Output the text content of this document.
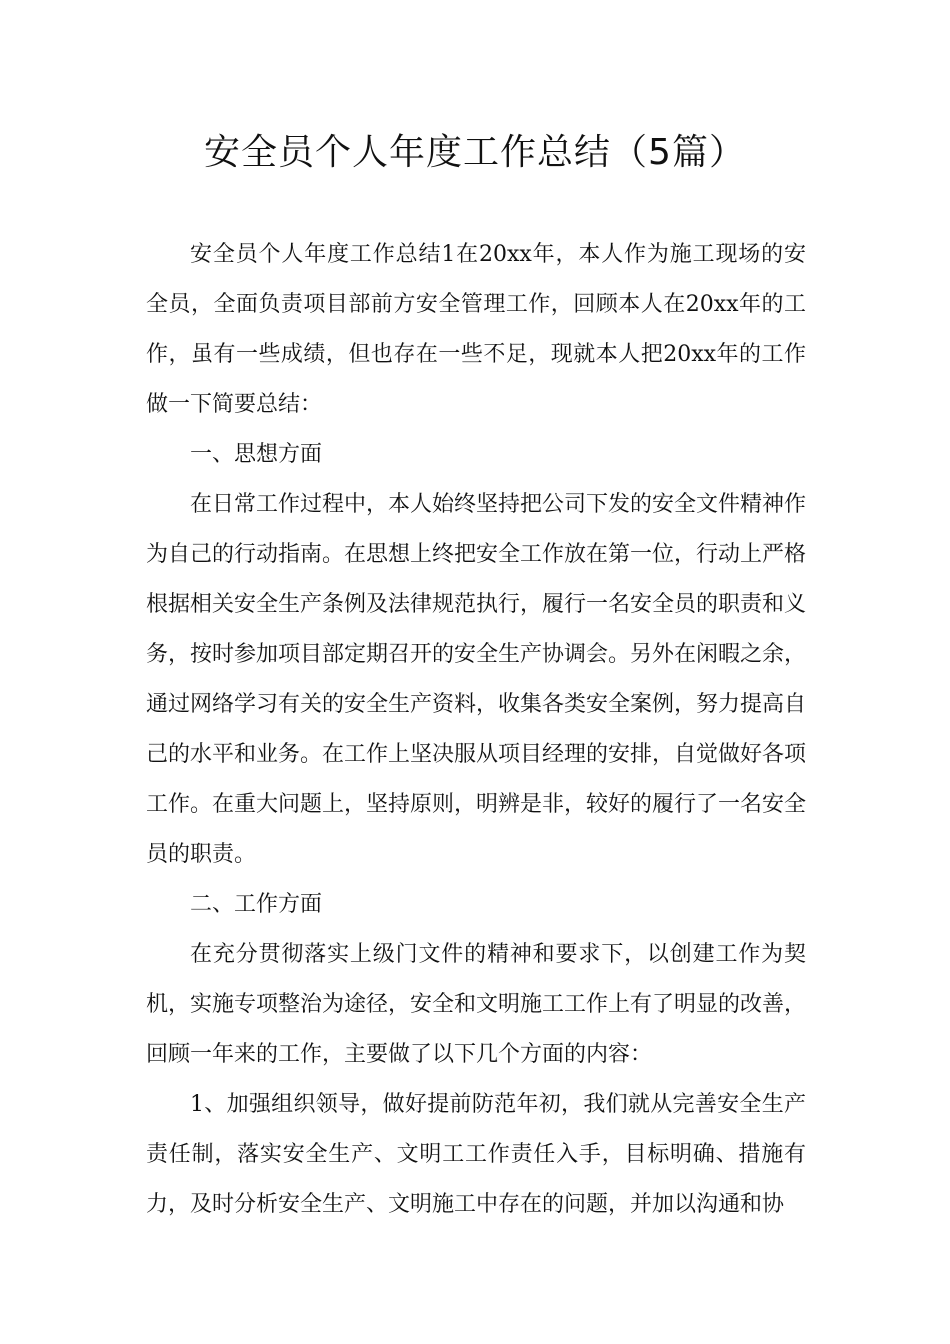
安全员个人年度工作总结（5篇）

安全员个人年度工作总结1在20xx年，本人作为施工现场的安全员，全面负责项目部前方安全管理工作，回顾本人在20xx年的工作，虽有一些成绩，但也存在一些不足，现就本人把20xx年的工作做一下简要总结：

一、思想方面

在日常工作过程中，本人始终坚持把公司下发的安全文件精神作为自己的行动指南。在思想上终把安全工作放在第一位，行动上严格根据相关安全生产条例及法律规范执行，履行一名安全员的职责和义务，按时参加项目部定期召开的安全生产协调会。另外在闲暇之余，通过网络学习有关的安全生产资料，收集各类安全案例，努力提高自己的水平和业务。在工作上坚决服从项目经理的安排，自觉做好各项工作。在重大问题上，坚持原则，明辨是非，较好的履行了一名安全员的职责。

二、工作方面

在充分贯彻落实上级门文件的精神和要求下，以创建工作为契机，实施专项整治为途径，安全和文明施工工作上有了明显的改善，回顾一年来的工作，主要做了以下几个方面的内容：

1、加强组织领导，做好提前防范年初，我们就从完善安全生产责任制，落实安全生产、文明工工作责任入手，目标明确、措施有力，及时分析安全生产、文明施工中存在的问题，并加以沟通和协
